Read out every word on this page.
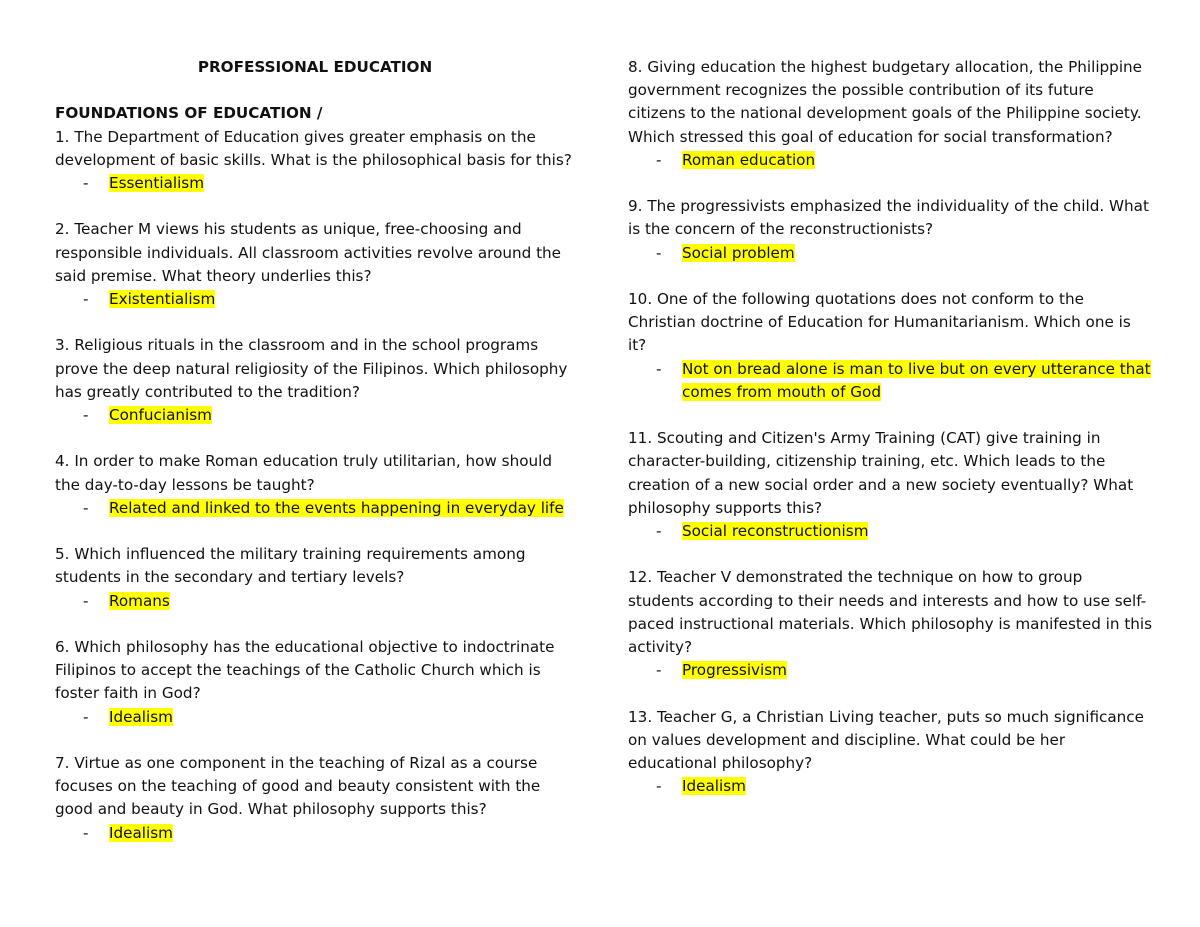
PROFESSIONAL EDUCATION

FOUNDATIONS OF EDUCATION /

1. The Department of Education gives greater emphasis on the development of basic skills. What is the philosophical basis for this?

- Essentialism

2. Teacher M views his students as unique, free-choosing and responsible individuals. All classroom activities revolve around the said premise. What theory underlies this?

- Existentialism

3. Religious rituals in the classroom and in the school programs prove the deep natural religiosity of the Filipinos. Which philosophy has greatly contributed to the tradition?

- Confucianism

4. In order to make Roman education truly utilitarian, how should the day-to-day lessons be taught?

- Related and linked to the events happening in everyday life

5. Which influenced the military training requirements among students in the secondary and tertiary levels?

- Romans

6. Which philosophy has the educational objective to indoctrinate Filipinos to accept the teachings of the Catholic Church which is foster faith in God?

- Idealism

7. Virtue as one component in the teaching of Rizal as a course focuses on the teaching of good and beauty consistent with the good and beauty in God. What philosophy supports this?

- Idealism

8. Giving education the highest budgetary allocation, the Philippine government recognizes the possible contribution of its future citizens to the national development goals of the Philippine society. Which stressed this goal of education for social transformation?

- Roman education

9. The progressivists emphasized the individuality of the child. What is the concern of the reconstructionists?

- Social problem

10. One of the following quotations does not conform to the Christian doctrine of Education for Humanitarianism. Which one is it?

- Not on bread alone is man to live but on every utterance that comes from mouth of God

11. Scouting and Citizen's Army Training (CAT) give training in character-building, citizenship training, etc. Which leads to the creation of a new social order and a new society eventually? What philosophy supports this?

- Social reconstructionism

12. Teacher V demonstrated the technique on how to group students according to their needs and interests and how to use self-paced instructional materials. Which philosophy is manifested in this activity?

- Progressivism

13. Teacher G, a Christian Living teacher, puts so much significance on values development and discipline. What could be her educational philosophy?

- Idealism
